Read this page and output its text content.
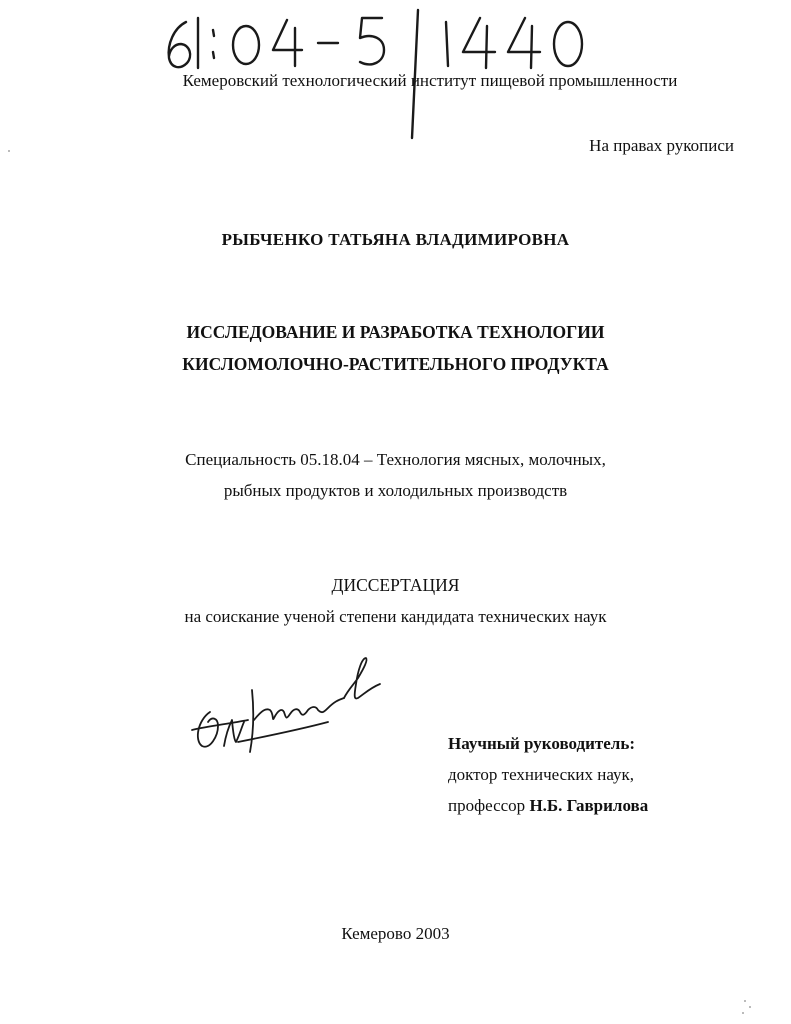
Кемеровский технологический институт пищевой промышленности
На правах рукописи
РЫБЧЕНКО ТАТЬЯНА ВЛАДИМИРОВНА
ИССЛЕДОВАНИЕ И РАЗРАБОТКА ТЕХНОЛОГИИ
КИСЛОМОЛОЧНО-РАСТИТЕЛЬНОГО ПРОДУКТА
Специальность 05.18.04 – Технология мясных, молочных,
рыбных продуктов и холодильных производств
ДИССЕРТАЦИЯ
на соискание ученой степени кандидата технических наук
Научный руководитель:
доктор технических наук,
профессор Н.Б. Гаврилова
Кемерово 2003
